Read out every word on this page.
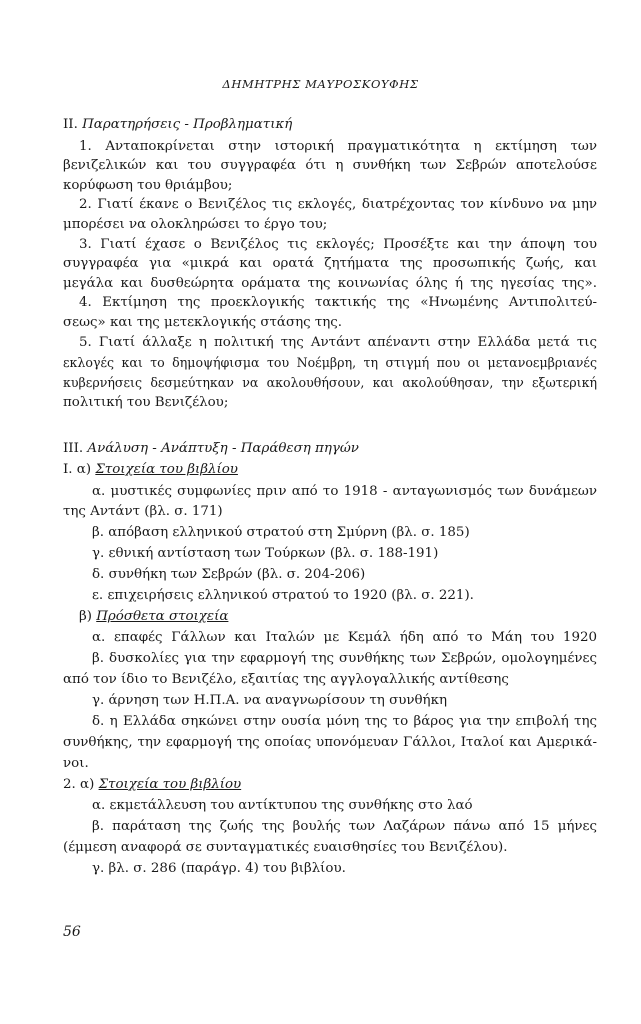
ΔΗΜΗΤΡΗΣ ΜΑΥΡΟΣΚΟΥΦΗΣ
II. Παρατηρήσεις - Προβληματική
1. Ανταποκρίνεται στην ιστορική πραγματικότητα η εκτίμηση των
βενιζελικών και του συγγραφέα ότι η συνθήκη των Σεβρών αποτελούσε
κορύφωση του θριάμβου;
2. Γιατί έκανε ο Βενιζέλος τις εκλογές, διατρέχοντας τον κίνδυνο να μην
μπορέσει να ολοκληρώσει το έργο του;
3. Γιατί έχασε ο Βενιζέλος τις εκλογές; Προσέξτε και την άποψη του
συγγραφέα για «μικρά και ορατά ζητήματα της προσωπικής ζωής, και
μεγάλα και δυσθεώρητα οράματα της κοινωνίας όλης ή της ηγεσίας της».
4. Εκτίμηση της προεκλογικής τακτικής της «Ηνωμένης Αντιπολιτεύ-
σεως» και της μετεκλογικής στάσης της.
5. Γιατί άλλαξε η πολιτική της Αντάντ απέναντι στην Ελλάδα μετά τις
εκλογές και το δημοψήφισμα του Νοέμβρη, τη στιγμή που οι μετανοεμβριανές
κυβερνήσεις δεσμεύτηκαν να ακολουθήσουν, και ακολούθησαν, την εξωτερική
πολιτική του Βενιζέλου;
III. Ανάλυση - Ανάπτυξη - Παράθεση πηγών
Ι. α) Στοιχεία του βιβλίου
α. μυστικές συμφωνίες πριν από το 1918 - ανταγωνισμός των δυνάμεων
της Αντάντ (βλ. σ. 171)
β. απόβαση ελληνικού στρατού στη Σμύρνη (βλ. σ. 185)
γ. εθνική αντίσταση των Τούρκων (βλ. σ. 188-191)
δ. συνθήκη των Σεβρών (βλ. σ. 204-206)
ε. επιχειρήσεις ελληνικού στρατού το 1920 (βλ. σ. 221).
β) Πρόσθετα στοιχεία
α. επαφές Γάλλων και Ιταλών με Κεμάλ ήδη από το Μάη του 1920
β. δυσκολίες για την εφαρμογή της συνθήκης των Σεβρών, ομολογημένες
από τον ίδιο το Βενιζέλο, εξαιτίας της αγγλογαλλικής αντίθεσης
γ. άρνηση των Η.Π.Α. να αναγνωρίσουν τη συνθήκη
δ. η Ελλάδα σηκώνει στην ουσία μόνη της το βάρος για την επιβολή της
συνθήκης, την εφαρμογή της οποίας υπονόμευαν Γάλλοι, Ιταλοί και Αμερικά-
νοι.
2. α) Στοιχεία του βιβλίου
α. εκμετάλλευση του αντίκτυπου της συνθήκης στο λαό
β. παράταση της ζωής της βουλής των Λαζάρων πάνω από 15 μήνες
(έμμεση αναφορά σε συνταγματικές ευαισθησίες του Βενιζέλου).
γ. βλ. σ. 286 (παράγρ. 4) του βιβλίου.
56
